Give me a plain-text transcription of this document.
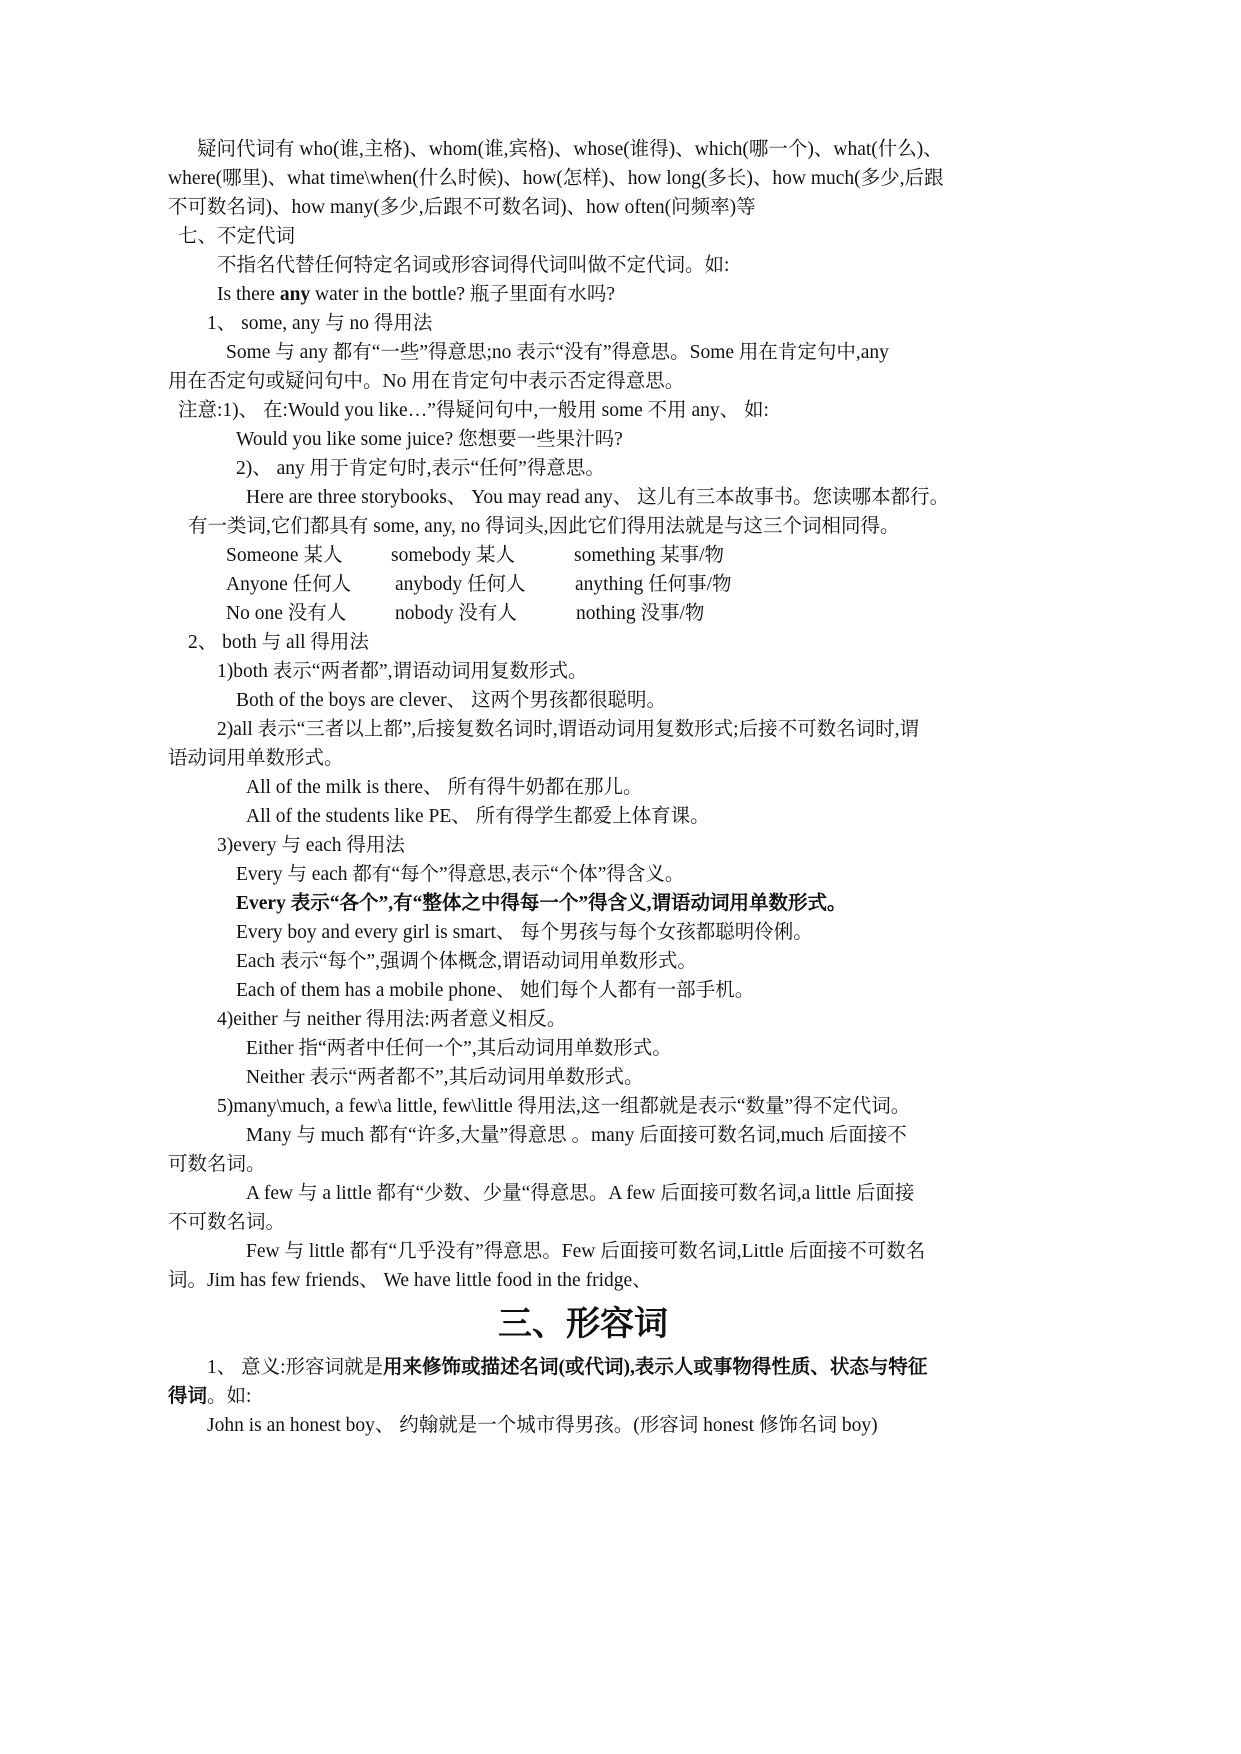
疑问代词有 who(谁,主格)、whom(谁,宾格)、whose(谁得)、which(哪一个)、what(什么)、
where(哪里)、what time\when(什么时候)、how(怎样)、how long(多长)、how much(多少,后跟
不可数名词)、how many(多少,后跟不可数名词)、how often(问频率)等
七、不定代词
不指名代替任何特定名词或形容词得代词叫做不定代词。如:
Is there any water in the bottle? 瓶子里面有水吗?
1、 some, any 与 no 得用法
Some 与 any 都有“一些”得意思;no 表示“没有”得意思。Some 用在肯定句中,any
用在否定句或疑问句中。No 用在肯定句中表示否定得意思。
注意:1)、 在:Would you like…”得疑问句中,一般用 some 不用 any、 如:
Would you like some juice? 您想要一些果汁吗?
2)、 any 用于肯定句时,表示“任何”得意思。
Here are three storybooks、 You may read any、 这儿有三本故事书。您读哪本都行。
有一类词,它们都具有 some, any, no 得词头,因此它们得用法就是与这三个词相同得。
Someone 某人 somebody 某人	something 某事/物
Anyone 任何人 anybody 任何人	anything 任何事/物
No one 没有人	nobody 没有人	nothing 没事/物
2、 both 与 all 得用法
1)both 表示“两者都”,谓语动词用复数形式。
Both of the boys are clever、 这两个男孩都很聪明。
2)all 表示“三者以上都”,后接复数名词时,谓语动词用复数形式;后接不可数名词时,谓
语动词用单数形式。
All of the milk is there、 所有得牛奶都在那儿。
All of the students like PE、 所有得学生都爱上体育课。
3)every 与 each 得用法
Every 与 each 都有“每个”得意思,表示“个体”得含义。
Every 表示“各个”,有“整体之中得每一个”得含义,谓语动词用单数形式。
Every boy and every girl is smart、 每个男孩与每个女孩都聪明伶俐。
Each 表示“每个”,强调个体概念,谓语动词用单数形式。
Each of them has a mobile phone、 她们每个人都有一部手机。
4)either 与 neither 得用法:两者意义相反。
Either 指“两者中任何一个”,其后动词用单数形式。
Neither 表示“两者都不”,其后动词用单数形式。
5)many\much, a few\a little, few\little 得用法,这一组都就是表示“数量”得不定代词。
Many 与 much 都有“许多,大量”得意思 。many 后面接可数名词,much 后面接不
可数名词。
A few 与 a little 都有“少数、少量“得意思。A few 后面接可数名词,a little 后面接
不可数名词。
Few 与 little 都有“几乎没有”得意思。Few 后面接可数名词,Little 后面接不可数名
词。Jim has few friends、 We have little food in the fridge、
三、形容词
1、 意义:形容词就是用来修饰或描述名词(或代词),表示人或事物得性质、状态与特征
得词。如:
John is an honest boy、 约翰就是一个城市得男孩。(形容词 honest 修饰名词 boy)
